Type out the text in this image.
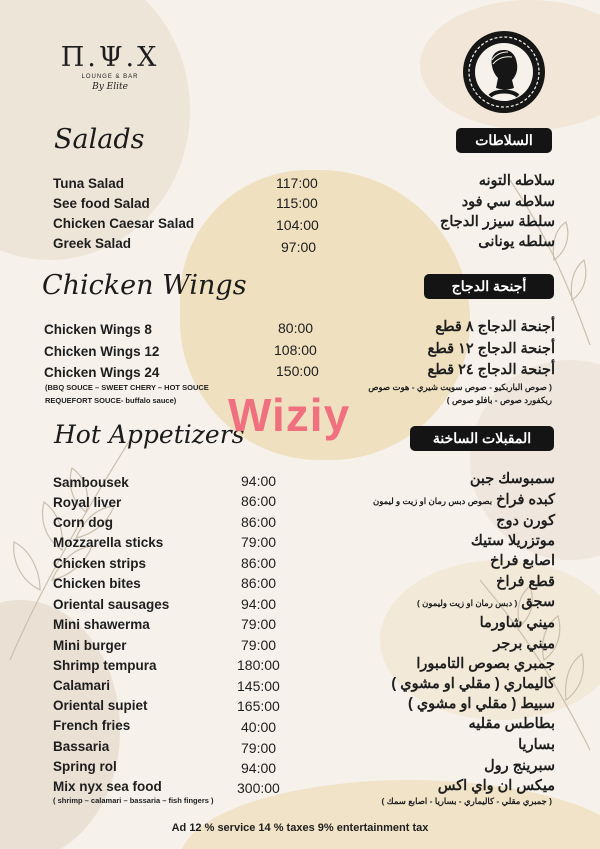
Π.Ψ.Χ
LOUNGE & BAR
By Elite
Salads	السلاطات
Chicken Wings	أجنحة الدجاج
Hot Appetizers	المقبلات الساخنة
Tuna Salad	117:00	سلاطه التونه
See food Salad	115:00	سلاطه سي فود
Chicken Caesar Salad	104:00	سلطة سيزر الدجاج
Greek Salad	97:00	سلطه يونانى
Chicken Wings 8	80:00	أجنحة الدجاج ٨ قطع
Chicken Wings 12	108:00	أجنحة الدجاج ١٢ قطع
Chicken Wings 24	150:00	أجنحة الدجاج ٢٤ قطع
(BBQ SOUCE – SWEET CHERY – HOT SOUCE
REQUEFORT SOUCE- buffalo sauce)
( صوص الباربكيو - صوص سويت شيري - هوت صوص
ريكفورد صوص - بافلو صوص )
Sambousek	94:00	سمبوسك جبن
Royal liver	86:00	كبده فراخ بصوص دبس رمان او زيت و ليمون
Corn dog	86:00	كورن دوج
Mozzarella sticks	79:00	موتزريلا ستيك
Chicken strips	86:00	اصابع فراخ
Chicken bites	86:00	قطع فراخ
Oriental sausages	94:00	سجق ( دبس رمان او زيت وليمون )
Mini shawerma	79:00	ميني شاورما
Mini burger	79:00	ميني برجر
Shrimp tempura	180:00	جمبري بصوص التامبورا
Calamari	145:00	كاليماري ( مقلي او مشوي )
Oriental supiet	165:00	سبيط ( مقلي او مشوي )
French fries	40:00	بطاطس مقليه
Bassaria	79:00	بساريا
Spring rol	94:00	سبرينج رول
Mix nyx sea food	300:00	ميكس ان واي اكس
( shrimp – calamari – bassaria – fish fingers )	( جمبري مقلي - كاليماري - بساريا - اصابع سمك )
Wiziy
Ad 12 % service 14 % taxes 9% entertainment tax
